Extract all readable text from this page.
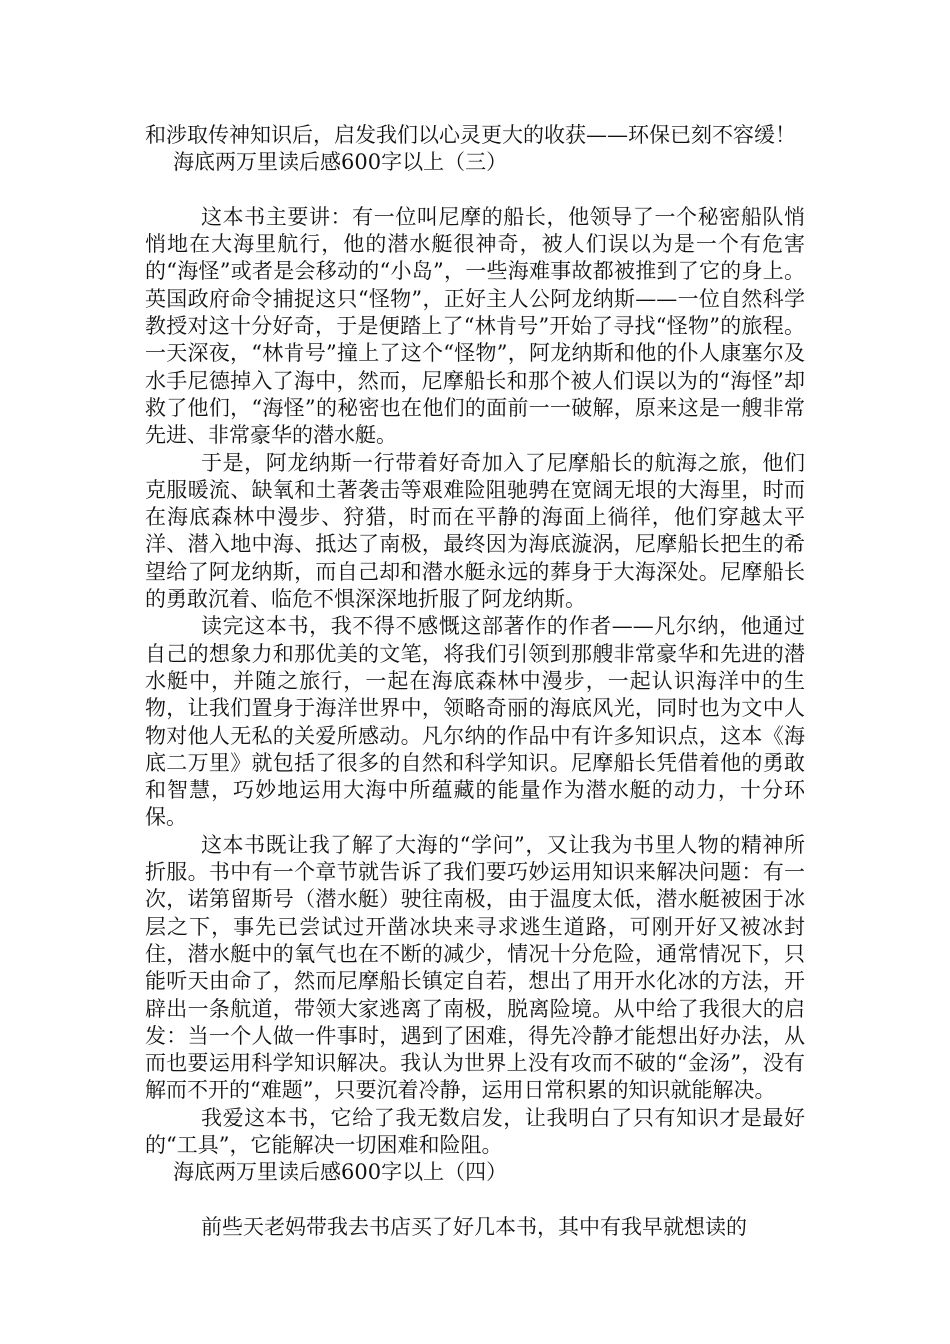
和涉取传神知识后，启发我们以心灵更大的收获——环保已刻不容缓！

海底两万里读后感600字以上（三）

这本书主要讲：有一位叫尼摩的船长，他领导了一个秘密船队悄悄地在大海里航行，他的潜水艇很神奇，被人们误以为是一个有危害的“海怪”或者是会移动的“小岛”，一些海难事故都被推到了它的身上。英国政府命令捕捉这只“怪物”，正好主人公阿龙纳斯——一位自然科学教授对这十分好奇，于是便踏上了“林肯号”开始了寻找“怪物”的旅程。一天深夜，“林肯号”撞上了这个“怪物”，阿龙纳斯和他的仆人康塞尔及水手尼德掉入了海中，然而，尼摩船长和那个被人们误以为的“海怪”却救了他们，“海怪”的秘密也在他们的面前一一破解，原来这是一艘非常先进、非常豪华的潜水艇。

于是，阿龙纳斯一行带着好奇加入了尼摩船长的航海之旅，他们克服暖流、缺氧和土著袭击等艰难险阻驰骋在宽阔无垠的大海里，时而在海底森林中漫步、狩猎，时而在平静的海面上徜徉，他们穿越太平洋、潜入地中海、抵达了南极，最终因为海底漩涡，尼摩船长把生的希望给了阿龙纳斯，而自己却和潜水艇永远的葬身于大海深处。尼摩船长的勇敢沉着、临危不惧深深地折服了阿龙纳斯。

读完这本书，我不得不感慨这部著作的作者——凡尔纳，他通过自己的想象力和那优美的文笔，将我们引领到那艘非常豪华和先进的潜水艇中，并随之旅行，一起在海底森林中漫步，一起认识海洋中的生物，让我们置身于海洋世界中，领略奇丽的海底风光，同时也为文中人物对他人无私的关爱所感动。凡尔纳的作品中有许多知识点，这本《海底二万里》就包括了很多的自然和科学知识。尼摩船长凭借着他的勇敢和智慧，巧妙地运用大海中所蕴藏的能量作为潜水艇的动力，十分环保。

这本书既让我了解了大海的“学问”，又让我为书里人物的精神所折服。书中有一个章节就告诉了我们要巧妙运用知识来解决问题：有一次，诺第留斯号（潜水艇）驶往南极，由于温度太低，潜水艇被困于冰层之下，事先已尝试过开凿冰块来寻求逃生道路，可刚开好又被冰封住，潜水艇中的氧气也在不断的减少，情况十分危险，通常情况下，只能听天由命了，然而尼摩船长镇定自若，想出了用开水化冰的方法，开辟出一条航道，带领大家逃离了南极，脱离险境。从中给了我很大的启发：当一个人做一件事时，遇到了困难，得先冷静才能想出好办法，从而也要运用科学知识解决。我认为世界上没有攻而不破的“金汤”，没有解而不开的“难题”，只要沉着冷静，运用日常积累的知识就能解决。

我爱这本书，它给了我无数启发，让我明白了只有知识才是最好的“工具”，它能解决一切困难和险阻。

海底两万里读后感600字以上（四）

前些天老妈带我去书店买了好几本书，其中有我早就想读的
